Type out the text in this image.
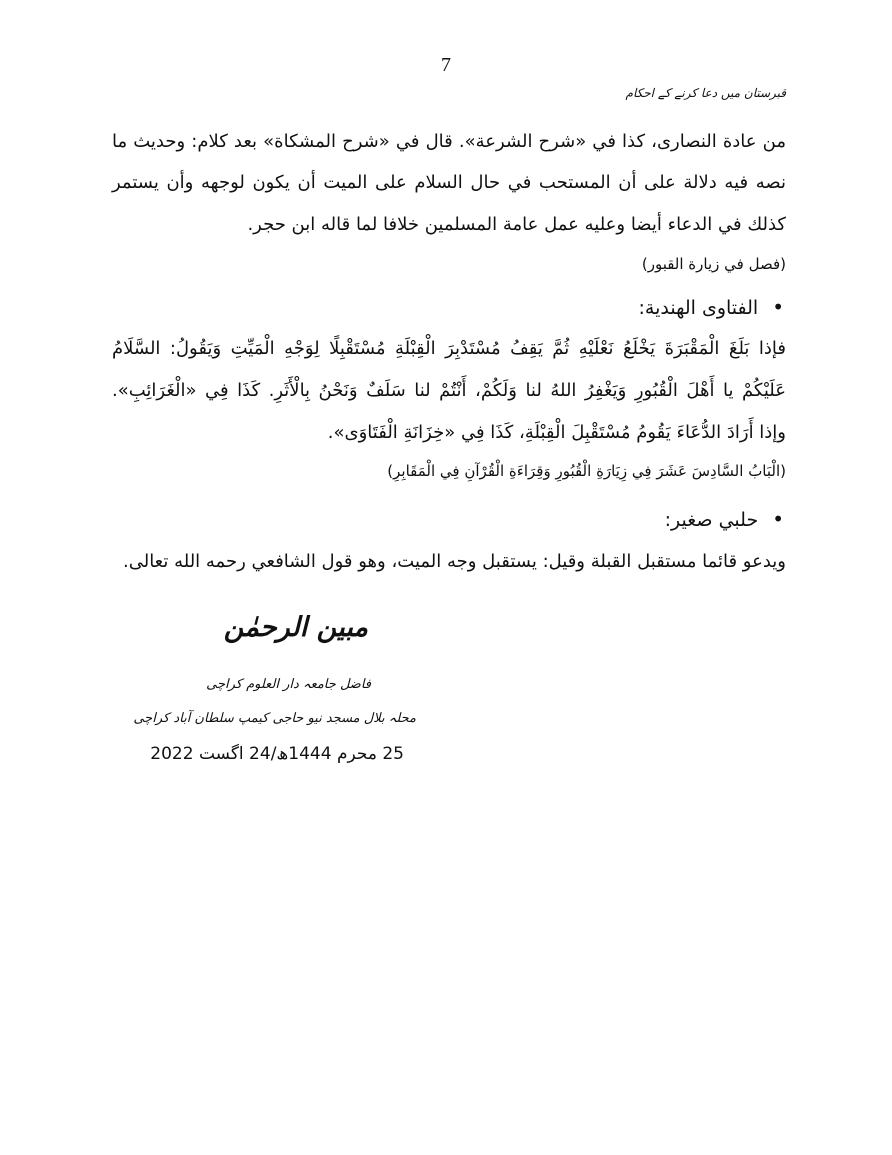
7
قبرستان میں دعا کرنے کے احکام
من عادة النصارى، كذا في «شرح الشرعة». قال في «شرح المشكاة» بعد كلام: وحديث ما
نصه فيه دلالة على أن المستحب في حال السلام على الميت أن يكون لوجهه وأن يستمر
كذلك في الدعاء أيضا وعليه عمل عامة المسلمين خلافا لما قاله ابن حجر.
(فصل في زيارة القبور)
•الفتاوى الهندية:
فإذا بَلَغَ الْمَقْبَرَةَ يَخْلَعُ نَعْلَيْهِ ثُمَّ يَقِفُ مُسْتَدْبِرَ الْقِبْلَةِ مُسْتَقْبِلًا لِوَجْهِ الْمَيِّتِ وَيَقُولُ: السَّلَامُ
عَلَيْكُمْ يا أَهْلَ الْقُبُورِ وَيَغْفِرُ اللهُ لنا وَلَكُمْ، أَنْتُمْ لنا سَلَفٌ وَنَحْنُ بِالْأَثَرِ. كَذَا فِي «الْغَرَائِبِ».
وإذا أَرَادَ الدُّعَاءَ يَقُومُ مُسْتَقْبِلَ الْقِبْلَةِ، كَذَا فِي «خِزَانَةِ الْفَتَاوَى».
(الْبَابُ السَّادِسَ عَشَرَ فِي زِيَارَةِ الْقُبُورِ وَقِرَاءَةِ الْقُرْآنِ فِي الْمَقَابِرِ)
•حلبي صغير:
ويدعو قائما مستقبل القبلة وقيل: يستقبل وجه الميت، وهو قول الشافعي رحمه الله تعالى.
مبین الرحمٰن
فاضل جامعہ دار العلوم کراچی
محلہ بلال مسجد نیو حاجی کیمپ سلطان آباد کراچی
25 محرم 1444ھ/24 اگست 2022
